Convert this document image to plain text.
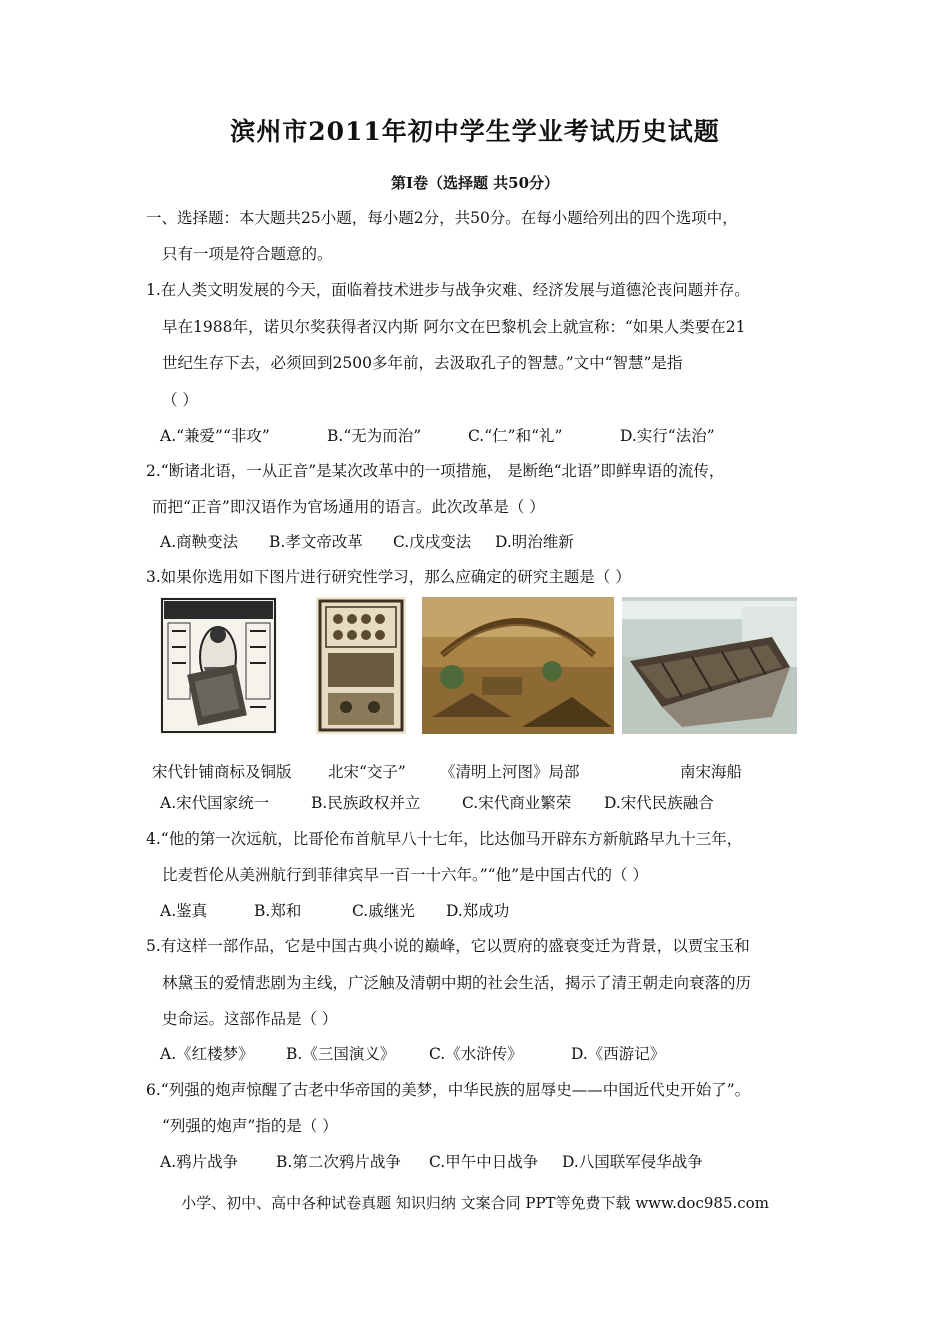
滨州市2011年初中学生学业考试历史试题
第Ⅰ卷（选择题 共50分）
一、选择题：本大题共25小题，每小题2分，共50分。在每小题给列出的四个选项中，
只有一项是符合题意的。
1.在人类文明发展的今天，面临着技术进步与战争灾难、经济发展与道德沦丧问题并存。
早在1988年，诺贝尔奖获得者汉内斯 阿尔文在巴黎机会上就宣称：“如果人类要在21
世纪生存下去，必须回到2500多年前，去汲取孔子的智慧。”文中“智慧”是指
（ ）
A.“兼爱”“非攻”	B.“无为而治”	C.“仁”和“礼”	D.实行“法治”
2.“断诸北语，一从正音”是某次改革中的一项措施， 是断绝“北语”即鲜卑语的流传，
而把“正音”即汉语作为官场通用的语言。此次改革是（ ）
A.商鞅变法 B.孝文帝改革 C.戊戌变法 D.明治维新
3.如果你选用如下图片进行研究性学习，那么应确定的研究主题是（ ）
宋代针铺商标及铜版 北宋“交子” 《清明上河图》局部	南宋海船
A.宋代国家统一	B.民族政权并立	C.宋代商业繁荣 D.宋代民族融合
4.“他的第一次远航，比哥伦布首航早八十七年，比达伽马开辟东方新航路早九十三年，
比麦哲伦从美洲航行到菲律宾早一百一十六年。”“他”是中国古代的（ ）
A.鉴真	B.郑和	C.戚继光 D.郑成功
5.有这样一部作品，它是中国古典小说的巅峰，它以贾府的盛衰变迁为背景，以贾宝玉和
林黛玉的爱情悲剧为主线，广泛触及清朝中期的社会生活，揭示了清王朝走向衰落的历
史命运。这部作品是（ ）
A.《红楼梦》 B.《三国演义》 C.《水浒传》	D.《西游记》
6.“列强的炮声惊醒了古老中华帝国的美梦，中华民族的屈辱史——中国近代史开始了”。
“列强的炮声”指的是（ ）
A.鸦片战争 B.第二次鸦片战争 C.甲午中日战争 D.八国联军侵华战争
小学、初中、高中各种试卷真题 知识归纳 文案合同 PPT等免费下载 www.doc985.com
